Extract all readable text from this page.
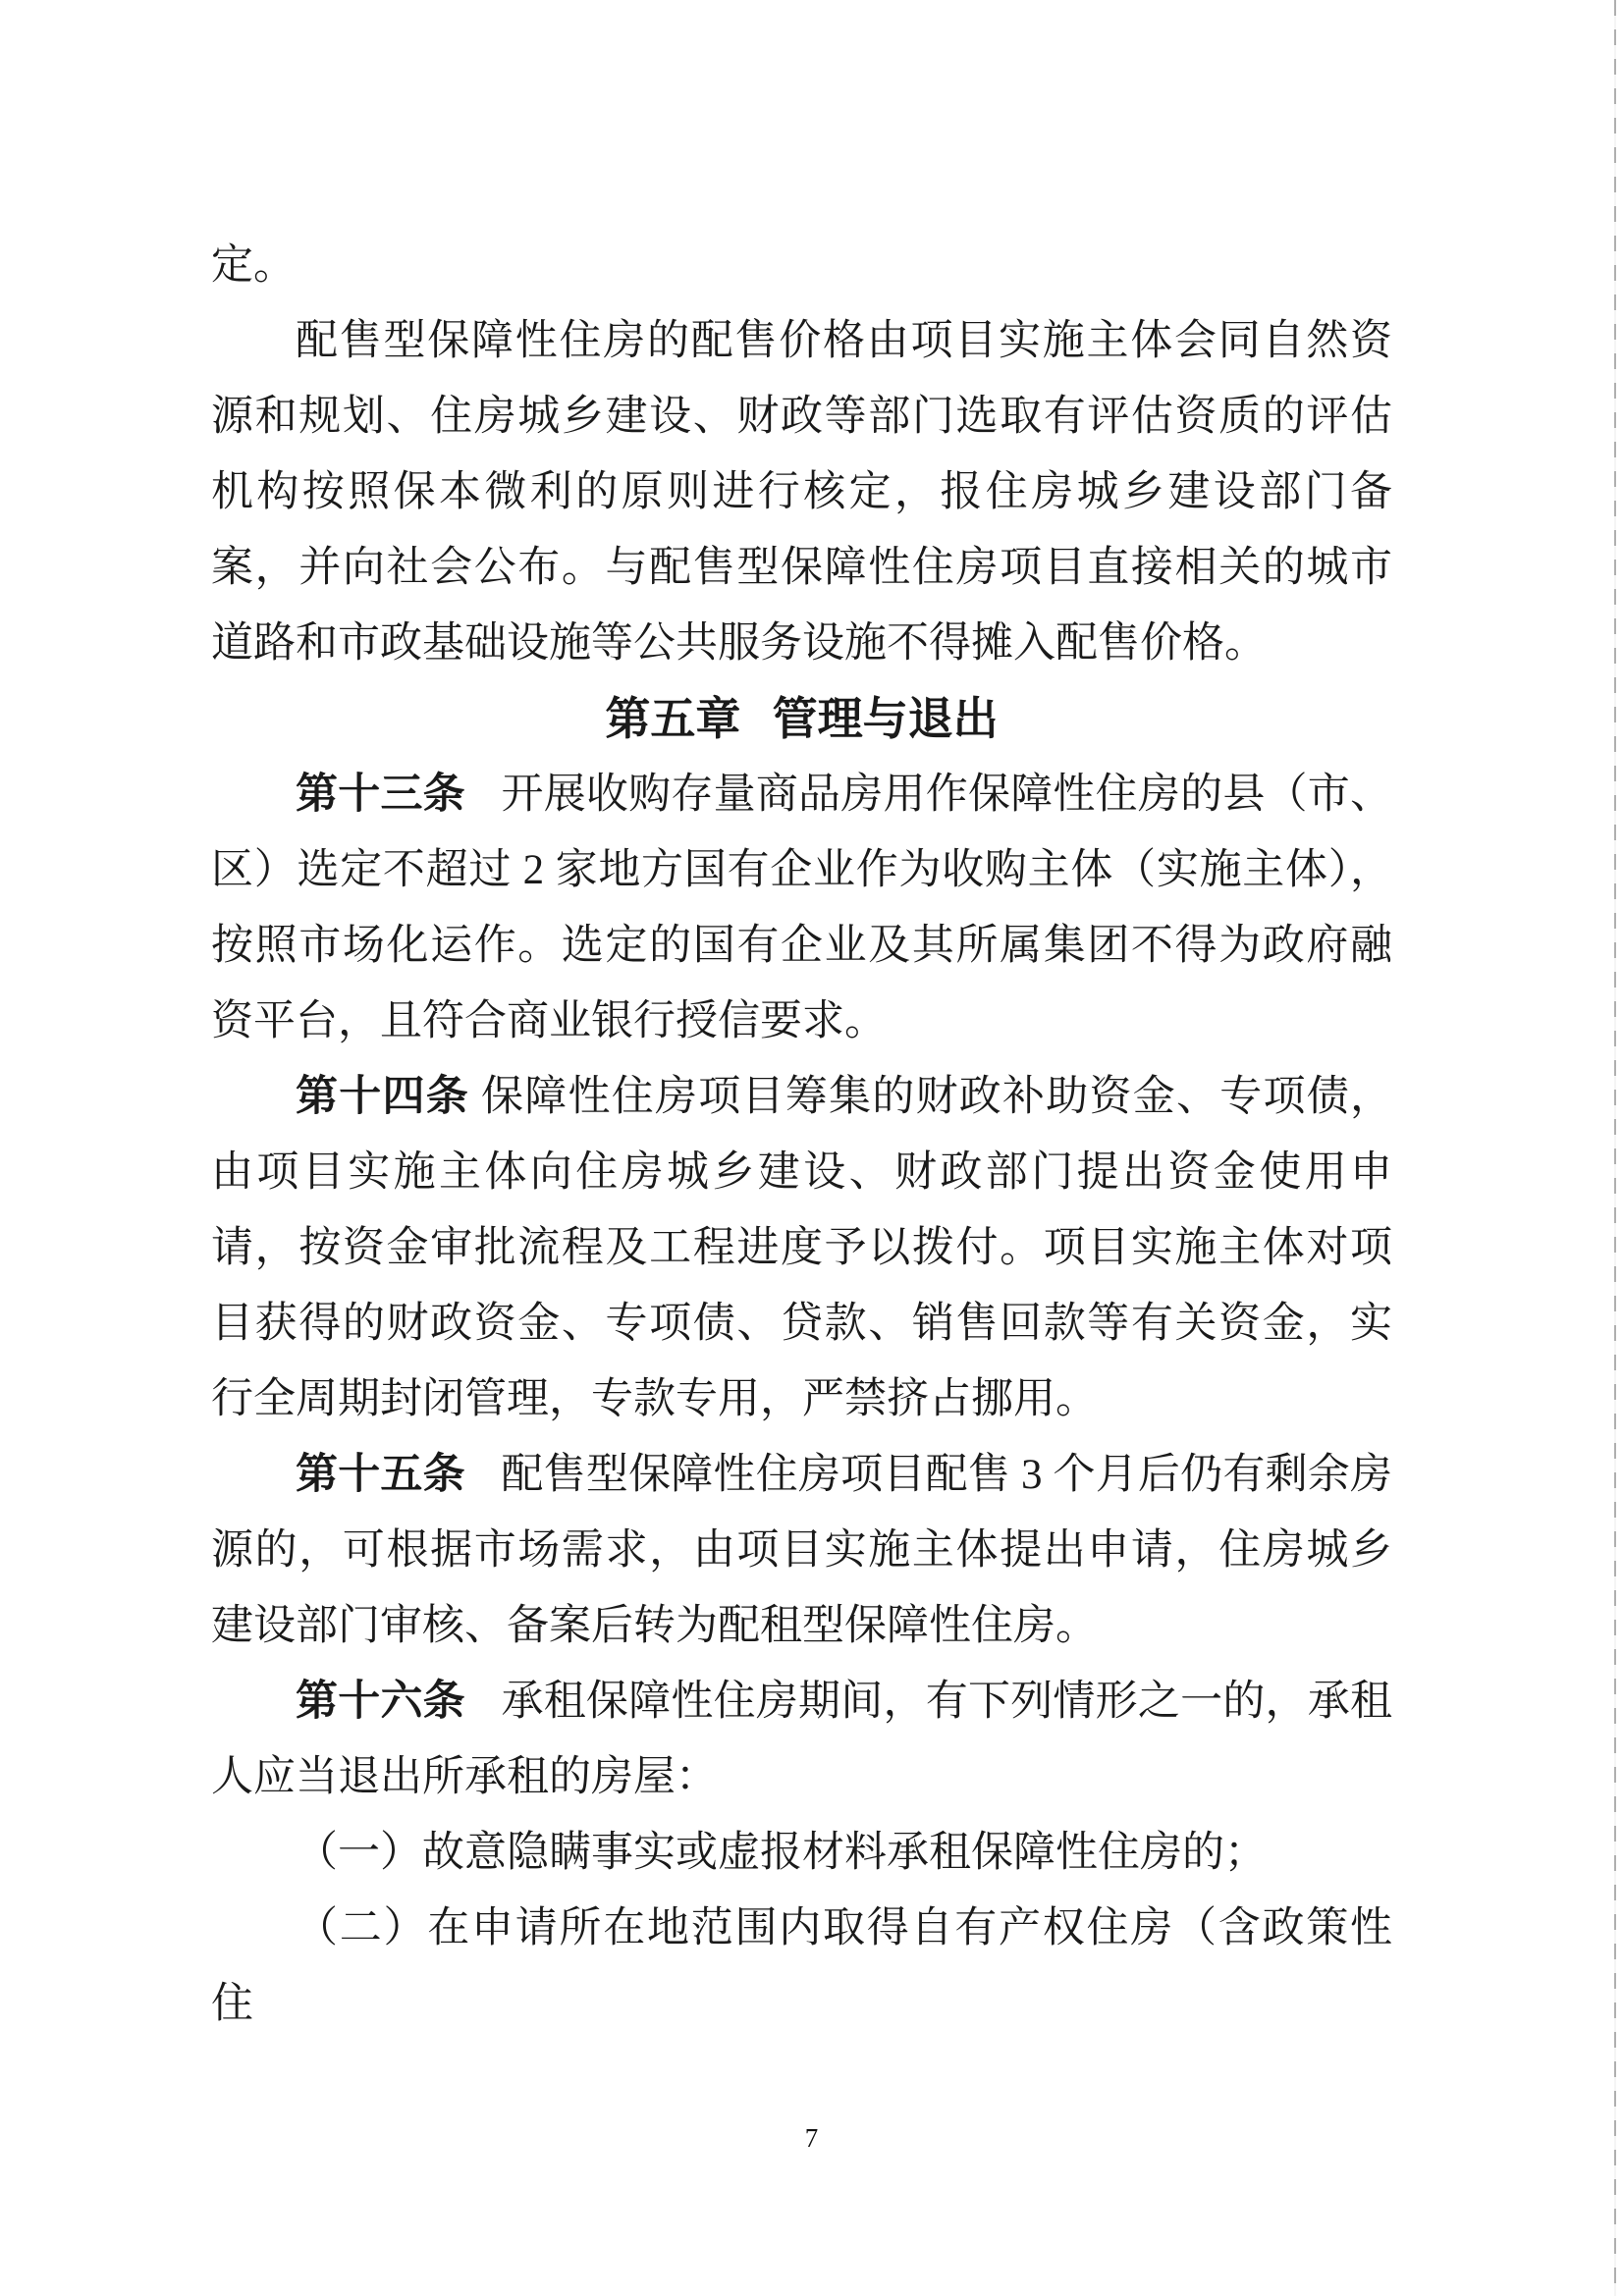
定。

配售型保障性住房的配售价格由项目实施主体会同自然资源和规划、住房城乡建设、财政等部门选取有评估资质的评估机构按照保本微利的原则进行核定，报住房城乡建设部门备案，并向社会公布。与配售型保障性住房项目直接相关的城市道路和市政基础设施等公共服务设施不得摊入配售价格。

第五章 管理与退出

第十三条 开展收购存量商品房用作保障性住房的县（市、区）选定不超过 2 家地方国有企业作为收购主体（实施主体），按照市场化运作。选定的国有企业及其所属集团不得为政府融资平台，且符合商业银行授信要求。

第十四条 保障性住房项目筹集的财政补助资金、专项债，由项目实施主体向住房城乡建设、财政部门提出资金使用申请，按资金审批流程及工程进度予以拨付。项目实施主体对项目获得的财政资金、专项债、贷款、销售回款等有关资金，实行全周期封闭管理，专款专用，严禁挤占挪用。

第十五条 配售型保障性住房项目配售 3 个月后仍有剩余房源的，可根据市场需求，由项目实施主体提出申请，住房城乡建设部门审核、备案后转为配租型保障性住房。

第十六条 承租保障性住房期间，有下列情形之一的，承租人应当退出所承租的房屋：

（一）故意隐瞒事实或虚报材料承租保障性住房的；

（二）在申请所在地范围内取得自有产权住房（含政策性住

7
